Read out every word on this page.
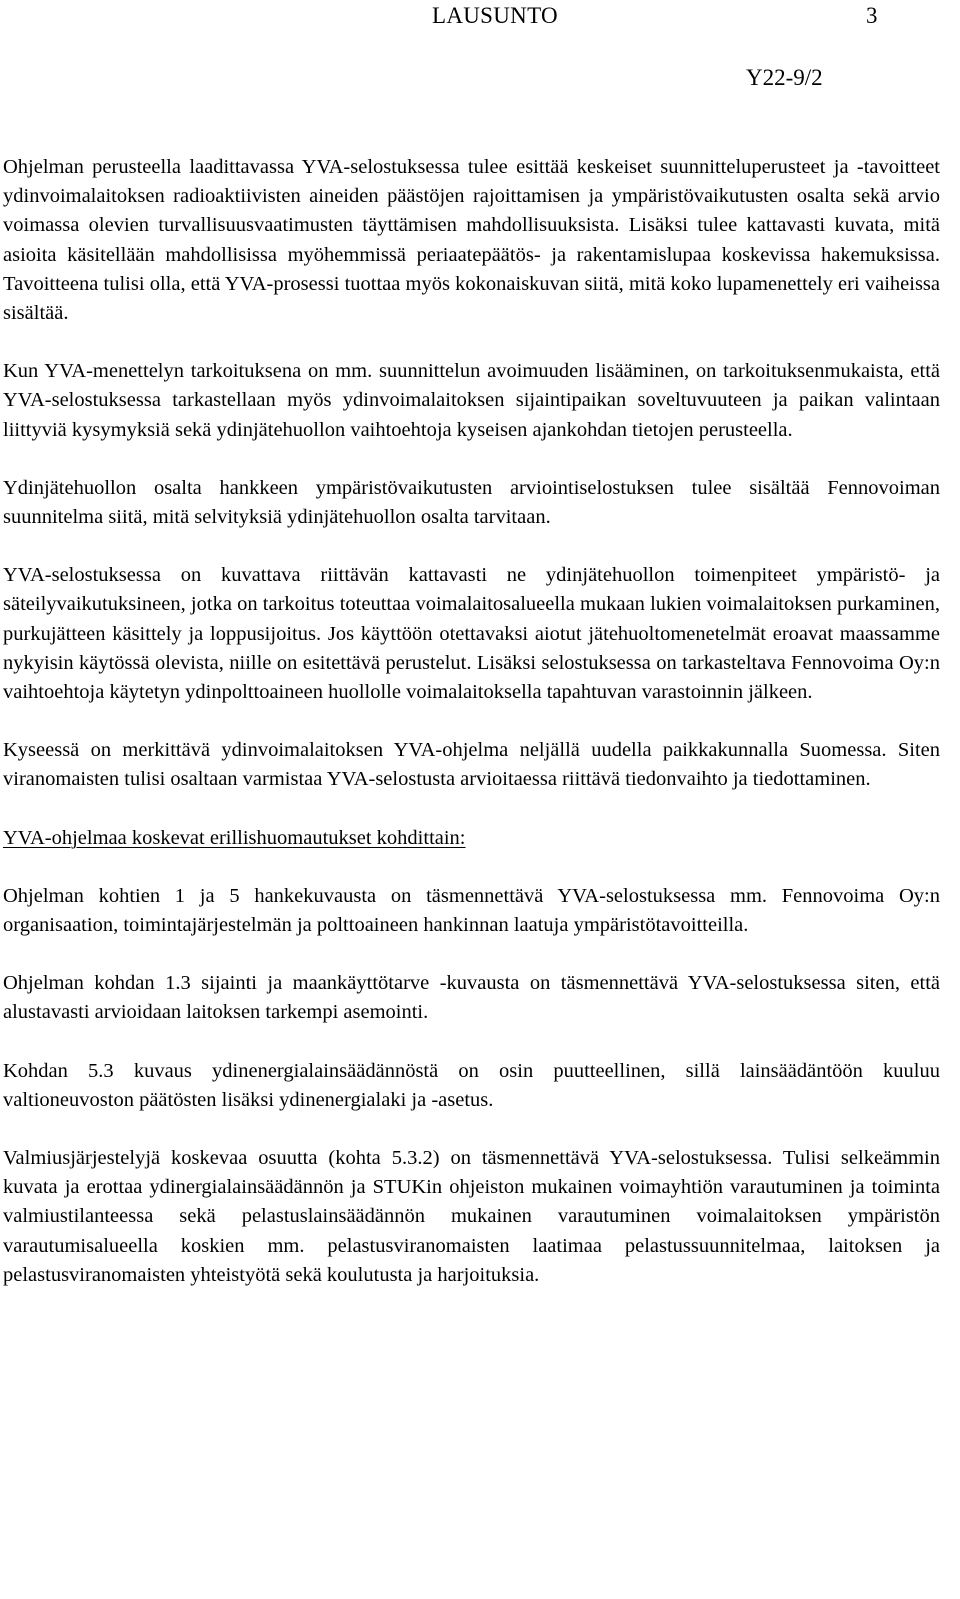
LAUSUNTO	3
Y22-9/2

Ohjelman perusteella laadittavassa YVA-selostuksessa tulee esittää keskeiset suunnitteluperusteet ja -tavoitteet ydinvoimalaitoksen radioaktiivisten aineiden päästöjen rajoittamisen ja ympäristövaikutusten osalta sekä arvio voimassa olevien turvallisuusvaatimusten täyttämisen mahdollisuuksista. Lisäksi tulee kattavasti kuvata, mitä asioita käsitellään mahdollisissa myöhemmissä periaatepäätös- ja rakentamislupaa koskevissa hakemuksissa. Tavoitteena tulisi olla, että YVA-prosessi tuottaa myös kokonaiskuvan siitä, mitä koko lupamenettely eri vaiheissa sisältää.

Kun YVA-menettelyn tarkoituksena on mm. suunnittelun avoimuuden lisääminen, on tarkoituksenmukaista, että YVA-selostuksessa tarkastellaan myös ydinvoimalaitoksen sijaintipaikan soveltuvuuteen ja paikan valintaan liittyviä kysymyksiä sekä ydinjätehuollon vaihtoehtoja kyseisen ajankohdan tietojen perusteella.

Ydinjätehuollon osalta hankkeen ympäristövaikutusten arviointiselostuksen tulee sisältää Fennovoiman suunnitelma siitä, mitä selvityksiä ydinjätehuollon osalta tarvitaan.

YVA-selostuksessa on kuvattava riittävän kattavasti ne ydinjätehuollon toimenpiteet ympäristö- ja säteilyvaikutuksineen, jotka on tarkoitus toteuttaa voimalaitosalueella mukaan lukien voimalaitoksen purkaminen, purkujätteen käsittely ja loppusijoitus. Jos käyttöön otettavaksi aiotut jätehuoltomenetelmät eroavat maassamme nykyisin käytössä olevista, niille on esitettävä perustelut. Lisäksi selostuksessa on tarkasteltava Fennovoima Oy:n vaihtoehtoja käytetyn ydinpolttoaineen huollolle voimalaitoksella tapahtuvan varastoinnin jälkeen.

Kyseessä on merkittävä ydinvoimalaitoksen YVA-ohjelma neljällä uudella paikkakunnalla Suomessa. Siten viranomaisten tulisi osaltaan varmistaa YVA-selostusta arvioitaessa riittävä tiedonvaihto ja tiedottaminen.

YVA-ohjelmaa koskevat erillishuomautukset kohdittain:

Ohjelman kohtien 1 ja 5 hankekuvausta on täsmennettävä YVA-selostuksessa mm. Fennovoima Oy:n organisaation, toimintajärjestelmän ja polttoaineen hankinnan laatuja ympäristötavoitteilla.

Ohjelman kohdan 1.3 sijainti ja maankäyttötarve -kuvausta on täsmennettävä YVA-selostuksessa siten, että alustavasti arvioidaan laitoksen tarkempi asemointi.

Kohdan 5.3 kuvaus ydinenergialainsäädännöstä on osin puutteellinen, sillä lainsäädäntöön kuuluu valtioneuvoston päätösten lisäksi ydinenergialaki ja -asetus.

Valmiusjärjestelyjä koskevaa osuutta (kohta 5.3.2) on täsmennettävä YVA-selostuksessa. Tulisi selkeämmin kuvata ja erottaa ydinergialainsäädännön ja STUKin ohjeiston mukainen voimayhtiön varautuminen ja toiminta valmiustilanteessa sekä pelastuslainsäädännön mukainen varautuminen voimalaitoksen ympäristön varautumisalueella koskien mm. pelastusviranomaisten laatimaa pelastussuunnitelmaa, laitoksen ja pelastusviranomaisten yhteistyötä sekä koulutusta ja harjoituksia.
